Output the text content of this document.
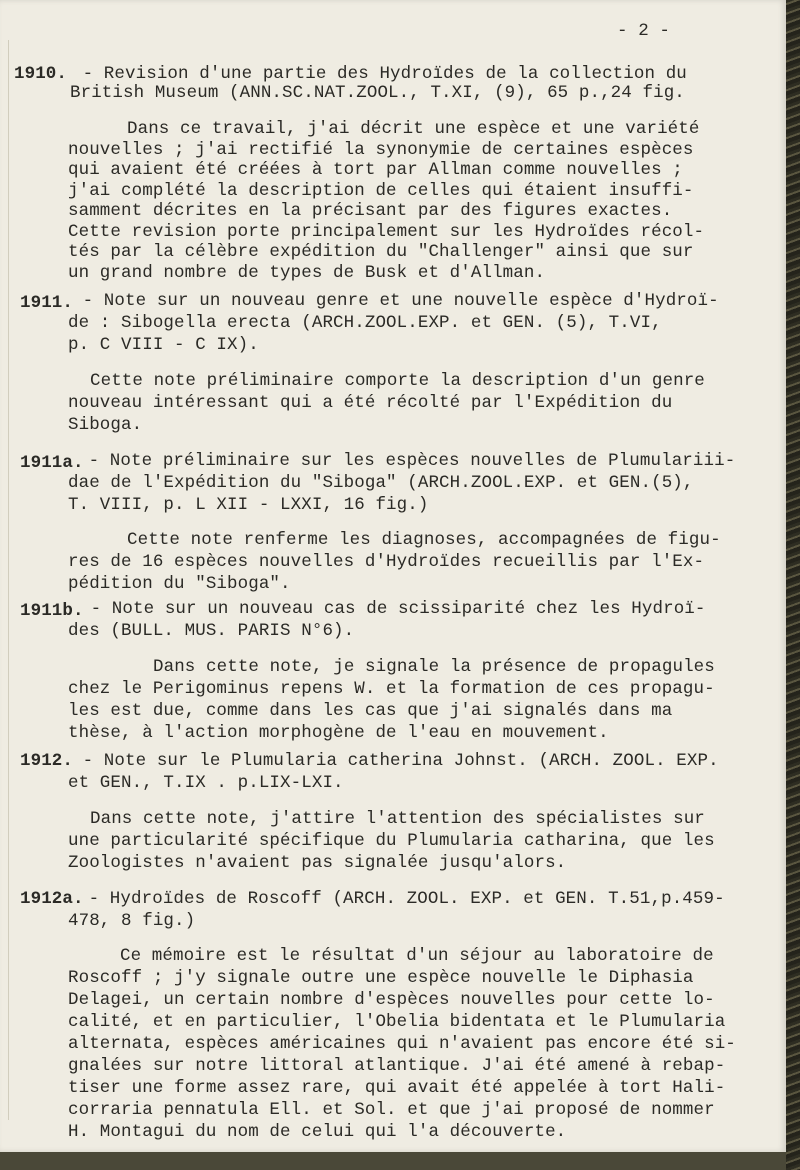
- 2 -

1910. - Revision d'une partie des Hydroïdes de la collection du

British Museum (ANN.SC.NAT.ZOOL., T.XI, (9), 65 p.,24 fig.

Dans ce travail, j'ai décrit une espèce et une variété

nouvelles ; j'ai rectifié la synonymie de certaines espèces

qui avaient été créées à tort par Allman comme nouvelles ;

j'ai complété la description de celles qui étaient insuffi-

samment décrites en la précisant par des figures exactes.

Cette revision porte principalement sur les Hydroïdes récol-

tés par la célèbre expédition du "Challenger" ainsi que sur

un grand nombre de types de Busk et d'Allman.

1911.

- Note sur un nouveau genre et une nouvelle espèce d'Hydroï-

de : Sibogella erecta (ARCH.ZOOL.EXP. et GEN. (5), T.VI,

p. C VIII - C IX).

Cette note préliminaire comporte la description d'un genre

nouveau intéressant qui a été récolté par l'Expédition du

Siboga.

1911a.

- Note préliminaire sur les espèces nouvelles de Plumulariii-

dae de l'Expédition du "Siboga" (ARCH.ZOOL.EXP. et GEN.(5),

T. VIII, p. L XII - LXXI, 16 fig.)

Cette note renferme les diagnoses, accompagnées de figu-

res de 16 espèces nouvelles d'Hydroïdes recueillis par l'Ex-

pédition du "Siboga".

1911b.

- Note sur un nouveau cas de scissiparité chez les Hydroï-

des (BULL. MUS. PARIS N°6).

Dans cette note, je signale la présence de propagules

chez le Perigominus repens W. et la formation de ces propagu-

les est due, comme dans les cas que j'ai signalés dans ma

thèse, à l'action morphogène de l'eau en mouvement.

1912.

- Note sur le Plumularia catherina Johnst. (ARCH. ZOOL. EXP.

et GEN., T.IX . p.LIX-LXI.

Dans cette note, j'attire l'attention des spécialistes sur

une particularité spécifique du Plumularia catharina, que les

Zoologistes n'avaient pas signalée jusqu'alors.

1912a.

- Hydroïdes de Roscoff (ARCH. ZOOL. EXP. et GEN. T.51,p.459-

478, 8 fig.)

Ce mémoire est le résultat d'un séjour au laboratoire de

Roscoff ; j'y signale outre une espèce nouvelle le Diphasia

Delagei, un certain nombre d'espèces nouvelles pour cette lo-

calité, et en particulier, l'Obelia bidentata et le Plumularia

alternata, espèces américaines qui n'avaient pas encore été si-

gnalées sur notre littoral atlantique. J'ai été amené à rebap-

tiser une forme assez rare, qui avait été appelée à tort Hali-

corraria pennatula Ell. et Sol. et que j'ai proposé de nommer

H. Montagui du nom de celui qui l'a découverte.
